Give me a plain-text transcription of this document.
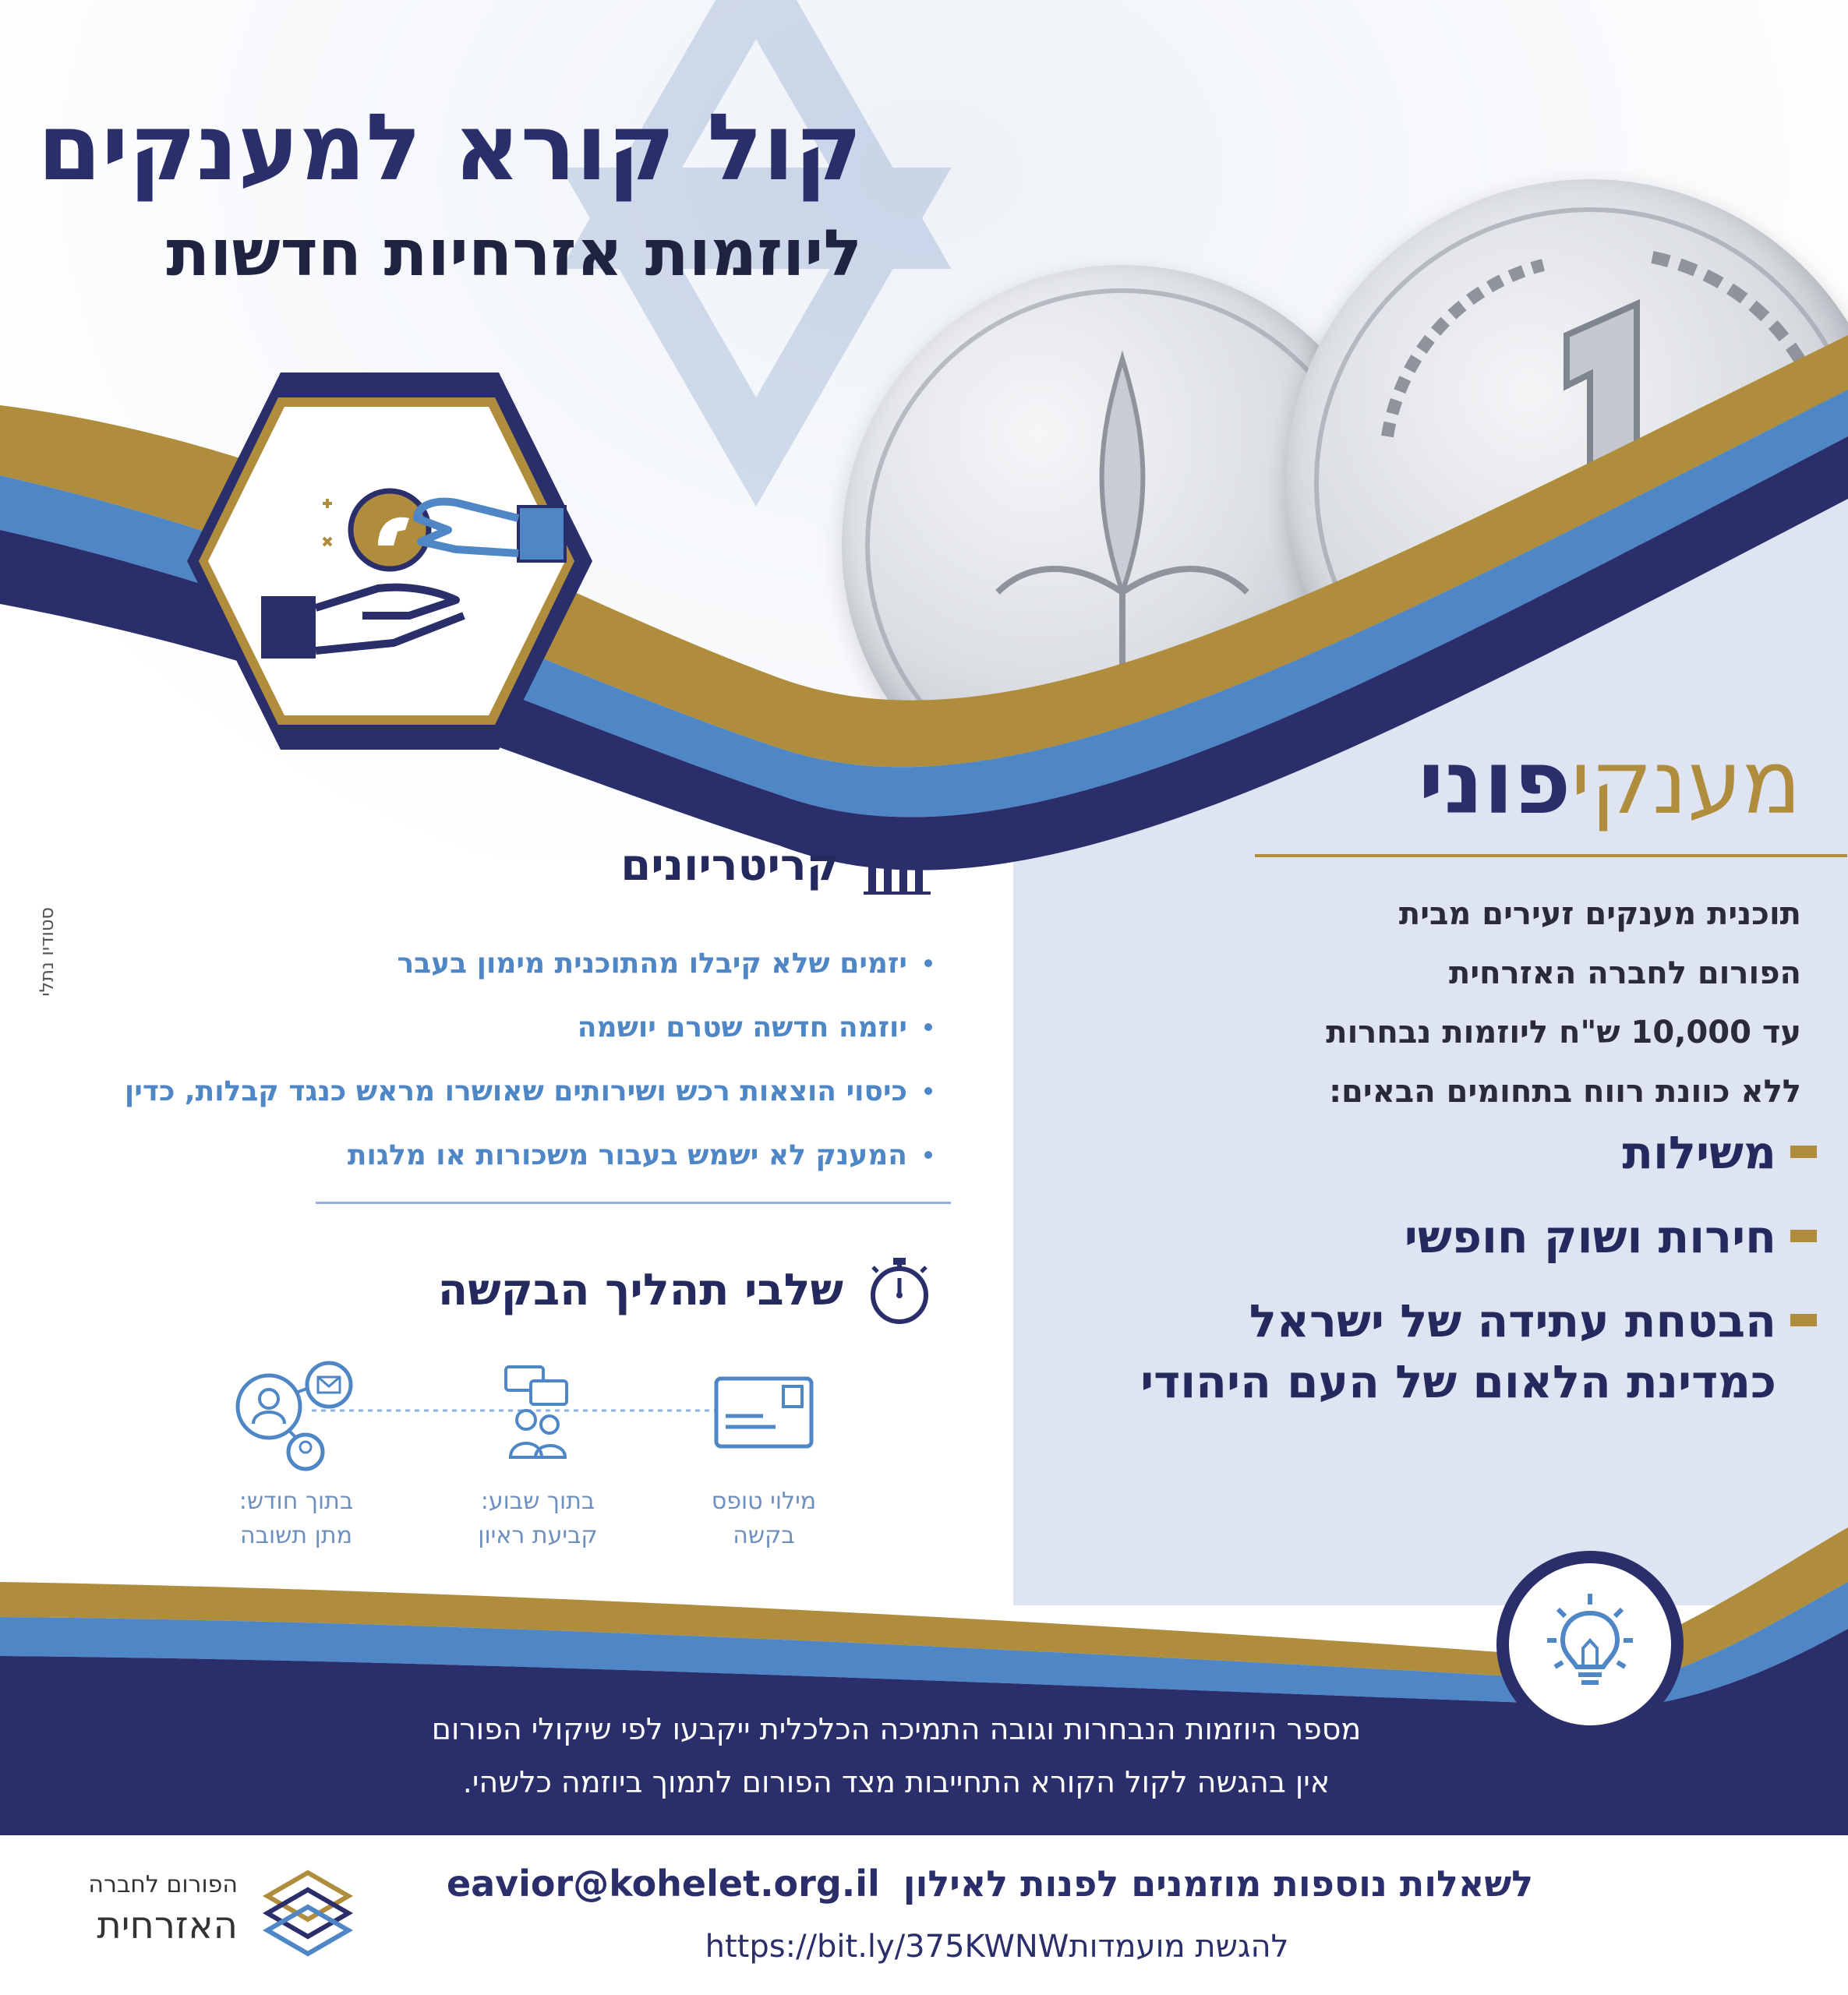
קול קורא למענקים
ליוזמות אזרחיות חדשות
מענקיפוני
תוכנית מענקים זעירים מבית
הפורום לחברה האזרחית
עד 10,000 ש"ח ליוזמות נבחרות
ללא כוונת רווח בתחומים הבאים:
משילות
חירות ושוק חופשי
הבטחת עתידה של ישראל
כמדינת הלאום של העם היהודי
קריטריונים
יזמים שלא קיבלו מהתוכנית מימון בעבר
יוזמה חדשה שטרם יושמה
כיסוי הוצאות רכש ושירותים שאושרו מראש כנגד קבלות, כדין
המענק לא ישמש בעבור משכורות או מלגות
שלבי תהליך הבקשה
מילוי טופס
בקשה
בתוך שבוע:
קביעת ראיון
בתוך חודש:
מתן תשובה
סטודיו נתלי
מספר היוזמות הנבחרות וגובה התמיכה הכלכלית ייקבעו לפי שיקולי הפורום
אין בהגשה לקול הקורא התחייבות מצד הפורום לתמוך ביוזמה כלשהי.
לשאלות נוספות מוזמנים לפנות לאילוןeavior@kohelet.org.il
להגשת מועמדותhttps://bit.ly/375KWNW
הפורום לחברה
האזרחית
